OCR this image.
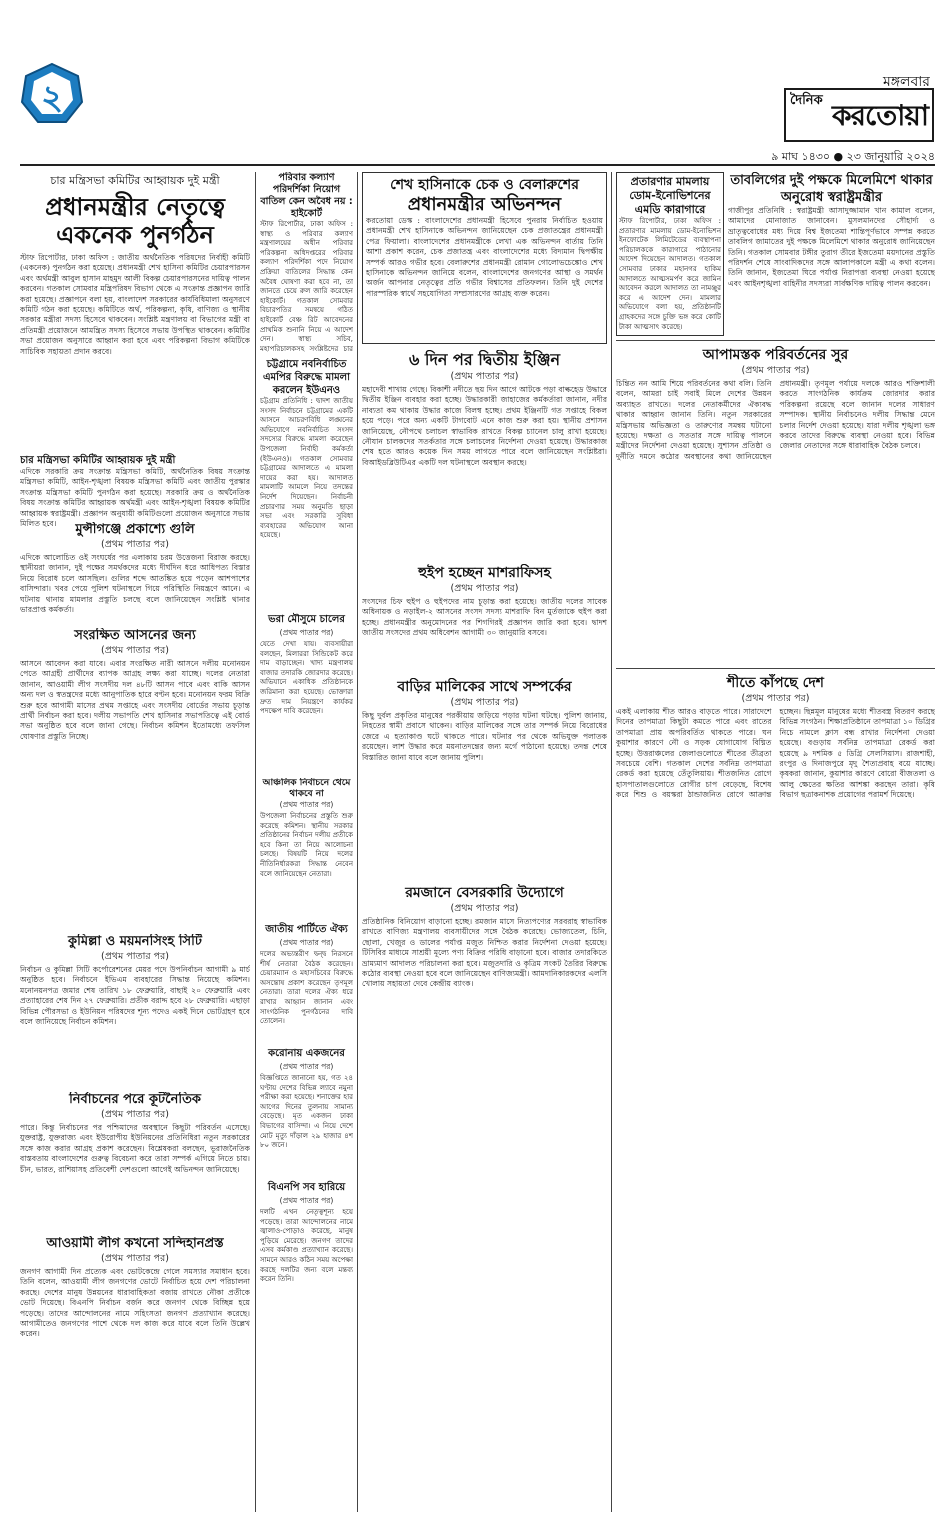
২	মঙ্গলবার
দৈনিক করতোয়া
৯ মাঘ ১৪৩০ ● ২৩ জানুয়ারি ২০২৪
চার মন্ত্রিসভা কমিটির আহ্বায়ক দুই মন্ত্রী
প্রধানমন্ত্রীর নেতৃত্বে
একনেক পুনর্গঠন
স্টাফ রিপোর্টার, ঢাকা অফিস : জাতীয় অর্থনৈতিক পরিষদের নির্বাহী কমিটি (একনেক) পুনর্গঠন করা হয়েছে। প্রধানমন্ত্রী শেখ হাসিনা কমিটির চেয়ারপারসন এবং অর্থমন্ত্রী আবুল হাসান মাহমুদ আলী বিকল্প চেয়ারপারসনের দায়িত্ব পালন করবেন। গতকাল সোমবার মন্ত্রিপরিষদ বিভাগ থেকে এ সংক্রান্ত প্রজ্ঞাপন জারি করা হয়েছে। প্রজ্ঞাপনে বলা হয়, বাংলাদেশ সরকারের কার্যবিধিমালা অনুসরণে কমিটি গঠন করা হয়েছে। কমিটিতে অর্থ, পরিকল্পনা, কৃষি, বাণিজ্য ও স্থানীয় সরকার মন্ত্রীরা সদস্য হিসেবে থাকবেন। সংশ্লিষ্ট মন্ত্রণালয় বা বিভাগের মন্ত্রী বা প্রতিমন্ত্রী প্রয়োজনে আমন্ত্রিত সদস্য হিসেবে সভায় উপস্থিত থাকবেন। কমিটির সভা প্রয়োজন অনুসারে আহ্বান করা হবে এবং পরিকল্পনা বিভাগ কমিটিকে সাচিবিক সহায়তা প্রদান করবে।
চার মন্ত্রিসভা কমিটির আহ্বায়ক দুই মন্ত্রী
এদিকে সরকারি ক্রয় সংক্রান্ত মন্ত্রিসভা কমিটি, অর্থনৈতিক বিষয় সংক্রান্ত মন্ত্রিসভা কমিটি, আইন-শৃঙ্খলা বিষয়ক মন্ত্রিসভা কমিটি এবং জাতীয় পুরস্কার সংক্রান্ত মন্ত্রিসভা কমিটি পুনর্গঠন করা হয়েছে। সরকারি ক্রয় ও অর্থনৈতিক বিষয় সংক্রান্ত কমিটির আহ্বায়ক অর্থমন্ত্রী এবং আইন-শৃঙ্খলা বিষয়ক কমিটির আহ্বায়ক স্বরাষ্ট্রমন্ত্রী। প্রজ্ঞাপন অনুযায়ী কমিটিগুলো প্রয়োজন অনুসারে সভায় মিলিত হবে।	মুন্সীগঞ্জে প্রকাশ্যে গুলি
(প্রথম পাতার পর)
এদিকে আলোচিত ওই সংঘর্ষের পর এলাকায় চরম উত্তেজনা বিরাজ করছে। স্থানীয়রা জানান, দুই পক্ষের সমর্থকদের মধ্যে দীর্ঘদিন ধরে আধিপত্য বিস্তার নিয়ে বিরোধ চলে আসছিল। গুলির শব্দে আতঙ্কিত হয়ে পড়েন আশপাশের বাসিন্দারা। খবর পেয়ে পুলিশ ঘটনাস্থলে গিয়ে পরিস্থিতি নিয়ন্ত্রণে আনে। এ ঘটনায় থানায় মামলার প্রস্তুতি চলছে বলে জানিয়েছেন সংশ্লিষ্ট থানার ভারপ্রাপ্ত কর্মকর্তা।
সংরক্ষিত আসনের জন্য
(প্রথম পাতার পর)
আসনে আবেদন করা যাবে। এবার সংরক্ষিত নারী আসনে দলীয় মনোনয়ন পেতে আগ্রহী প্রার্থীদের ব্যাপক আগ্রহ লক্ষ্য করা যাচ্ছে। দলের নেতারা জানান, আওয়ামী লীগ সংসদীয় দল ৪৮টি আসন পাবে এবং বাকি আসন অন্য দল ও স্বতন্ত্রদের মধ্যে আনুপাতিক হারে বণ্টন হবে। মনোনয়ন ফরম বিক্রি শুরু হবে আগামী মাসের প্রথম সপ্তাহে এবং সংসদীয় বোর্ডের সভায় চূড়ান্ত প্রার্থী নির্বাচন করা হবে। দলীয় সভাপতি শেখ হাসিনার সভাপতিত্বে এই বোর্ড সভা অনুষ্ঠিত হবে বলে জানা গেছে। নির্বাচন কমিশন ইতোমধ্যে তফসিল ঘোষণার প্রস্তুতি নিচ্ছে।
কুমিল্লা ও ময়মনসিংহ সিটি
(প্রথম পাতার পর)
নির্বাচন ও কুমিল্লা সিটি কর্পোরেশনের মেয়র পদে উপনির্বাচন আগামী ৯ মার্চ অনুষ্ঠিত হবে। নির্বাচনে ইভিএম ব্যবহারের সিদ্ধান্ত নিয়েছে কমিশন। মনোনয়নপত্র জমার শেষ তারিখ ১৮ ফেব্রুয়ারি, বাছাই ২০ ফেব্রুয়ারি এবং প্রত্যাহারের শেষ দিন ২৭ ফেব্রুয়ারি। প্রতীক বরাদ্দ হবে ২৮ ফেব্রুয়ারি। এছাড়া বিভিন্ন পৌরসভা ও ইউনিয়ন পরিষদের শূন্য পদেও একই দিনে ভোটগ্রহণ হবে বলে জানিয়েছে নির্বাচন কমিশন।
নির্বাচনের পরে কূটনৈতিক
(প্রথম পাতার পর)
পারে। কিন্তু নির্বাচনের পর পশ্চিমাদের অবস্থানে কিছুটা পরিবর্তন এসেছে। যুক্তরাষ্ট্র, যুক্তরাজ্য এবং ইউরোপীয় ইউনিয়নের প্রতিনিধিরা নতুন সরকারের সঙ্গে কাজ করার আগ্রহ প্রকাশ করেছেন। বিশ্লেষকরা বলছেন, ভূরাজনৈতিক বাস্তবতায় বাংলাদেশের গুরুত্ব বিবেচনা করে তারা সম্পর্ক এগিয়ে নিতে চায়। চীন, ভারত, রাশিয়াসহ প্রতিবেশী দেশগুলো আগেই অভিনন্দন জানিয়েছে।
আওয়ামী লীগ কখনো সন্দিহানপ্রস্ত
(প্রথম পাতার পর)
জনগণ আগামী দিন প্রত্যেক এবং ভোটকেন্দ্রে গেলে সমস্যার সমাধান হবে। তিনি বলেন, আওয়ামী লীগ জনগণের ভোটে নির্বাচিত হয়ে দেশ পরিচালনা করছে। দেশের মানুষ উন্নয়নের ধারাবাহিকতা বজায় রাখতে নৌকা প্রতীকে ভোট দিয়েছে। বিএনপি নির্বাচন বর্জন করে জনগণ থেকে বিচ্ছিন্ন হয়ে পড়েছে। তাদের আন্দোলনের নামে সহিংসতা জনগণ প্রত্যাখ্যান করেছে। আগামীতেও জনগণের পাশে থেকে দল কাজ করে যাবে বলে তিনি উল্লেখ করেন।
পরিবার কল্যাণ পরিদর্শিকা নিয়োগ বাতিল কেন অবৈধ নয় : হাইকোর্ট
স্টাফ রিপোর্টার, ঢাকা অফিস : স্বাস্থ্য ও পরিবার কল্যাণ মন্ত্রণালয়ের অধীন পরিবার পরিকল্পনা অধিদপ্তরের পরিবার কল্যাণ পরিদর্শিকা পদে নিয়োগ প্রক্রিয়া বাতিলের সিদ্ধান্ত কেন অবৈধ ঘোষণা করা হবে না, তা জানতে চেয়ে রুল জারি করেছেন হাইকোর্ট। গতকাল সোমবার বিচারপতির সমন্বয়ে গঠিত হাইকোর্ট বেঞ্চ রিট আবেদনের প্রাথমিক শুনানি নিয়ে এ আদেশ দেন। স্বাস্থ্য সচিব, মহাপরিচালকসহ সংশ্লিষ্টদের চার
চট্টগ্রামে নবনির্বাচিত এমপির বিরুদ্ধে মামলা করলেন ইউএনও
চট্টগ্রাম প্রতিনিধি : দ্বাদশ জাতীয় সংসদ নির্বাচনে চট্টগ্রামের একটি আসনে আচরণবিধি লঙ্ঘনের অভিযোগে নবনির্বাচিত সংসদ সদস্যের বিরুদ্ধে মামলা করেছেন উপজেলা নির্বাহী কর্মকর্তা (ইউএনও)। গতকাল সোমবার চট্টগ্রামের আদালতে এ মামলা দায়ের করা হয়। আদালত মামলাটি আমলে নিয়ে তদন্তের নির্দেশ দিয়েছেন। নির্বাচনী প্রচারণার সময় অনুমতি ছাড়া সভা এবং সরকারি সুবিধা ব্যবহারের অভিযোগ আনা হয়েছে।
ভরা মৌসুমে চালের
(প্রথম পাতার পর)
যেতে দেখা যায়। ব্যবসায়ীরা বলছেন, মিলাররা সিন্ডিকেট করে দাম বাড়াচ্ছেন। খাদ্য মন্ত্রণালয় বাজার তদারকি জোরদার করেছে। অভিযানে একাধিক প্রতিষ্ঠানকে জরিমানা করা হয়েছে। ভোক্তারা দ্রুত দাম নিয়ন্ত্রণে কার্যকর পদক্ষেপ দাবি করেছেন।
আঞ্চলিক নির্বাচনে থেমে থাকবে না
(প্রথম পাতার পর)
উপজেলা নির্বাচনের প্রস্তুতি শুরু করেছে কমিশন। স্থানীয় সরকার প্রতিষ্ঠানের নির্বাচন দলীয় প্রতীকে হবে কিনা তা নিয়ে আলোচনা চলছে। বিষয়টি নিয়ে দলের নীতিনির্ধারকরা সিদ্ধান্ত নেবেন বলে জানিয়েছেন নেতারা।
জাতীয় পার্টিতে ঐক্য
(প্রথম পাতার পর)
দলের অভ্যন্তরীণ দ্বন্দ্ব নিরসনে শীর্ষ নেতারা বৈঠক করেছেন। চেয়ারম্যান ও মহাসচিবের বিরুদ্ধে অসন্তোষ প্রকাশ করেছেন তৃণমূল নেতারা। তারা দলের ঐক্য ধরে রাখার আহ্বান জানান এবং সাংগঠনিক পুনর্গঠনের দাবি তোলেন।
করোনায় একজনের
(প্রথম পাতার পর)
বিজ্ঞপ্তিতে জানানো হয়, গত ২৪ ঘণ্টায় দেশের বিভিন্ন ল্যাবে নমুনা পরীক্ষা করা হয়েছে। শনাক্তের হার আগের দিনের তুলনায় সামান্য বেড়েছে। মৃত একজন ঢাকা বিভাগের বাসিন্দা। এ নিয়ে দেশে মোট মৃত্যু দাঁড়াল ২৯ হাজার ৪শ ৮০ জনে।
বিএনপি সব হারিয়ে
(প্রথম পাতার পর)
দলটি এখন নেতৃত্বশূন্য হয়ে পড়েছে। তারা আন্দোলনের নামে জ্বালাও-পোড়াও করেছে, মানুষ পুড়িয়ে মেরেছে। জনগণ তাদের এসব কর্মকাণ্ড প্রত্যাখ্যান করেছে। সামনে আরও কঠিন সময় অপেক্ষা করছে দলটির জন্য বলে মন্তব্য করেন তিনি।
শেখ হাসিনাকে চেক ও বেলারুশের
প্রধানমন্ত্রীর অভিনন্দন
করতোয়া ডেস্ক : বাংলাদেশের প্রধানমন্ত্রী হিসেবে পুনরায় নির্বাচিত হওয়ায় প্রধানমন্ত্রী শেখ হাসিনাকে অভিনন্দন জানিয়েছেন চেক প্রজাতন্ত্রের প্রধানমন্ত্রী পেত্র ফিয়ালা। বাংলাদেশের প্রধানমন্ত্রীকে লেখা এক অভিনন্দন বার্তায় তিনি আশা প্রকাশ করেন, চেক প্রজাতন্ত্র এবং বাংলাদেশের মধ্যে বিদ্যমান দ্বিপক্ষীয় সম্পর্ক আরও গভীর হবে। বেলারুশের প্রধানমন্ত্রী রোমান গোলোভচেঙ্কোও শেখ হাসিনাকে অভিনন্দন জানিয়ে বলেন, বাংলাদেশের জনগণের আস্থা ও সমর্থন অর্জন আপনার নেতৃত্বের প্রতি গভীর বিশ্বাসের প্রতিফলন। তিনি দুই দেশের পারস্পরিক স্বার্থে সহযোগিতা সম্প্রসারণের আগ্রহ ব্যক্ত করেন।
৬ দিন পর দ্বিতীয় ইঞ্জিন
(প্রথম পাতার পর)
মহাদেবী শাখায় গেছে। বিকাশী নদীতে ছয় দিন আগে আটকে পড়া বাল্কহেড উদ্ধারে দ্বিতীয় ইঞ্জিন ব্যবহার করা হচ্ছে। উদ্ধারকারী জাহাজের কর্মকর্তারা জানান, নদীর নাব্যতা কম থাকায় উদ্ধার কাজে বিলম্ব হচ্ছে। প্রথম ইঞ্জিনটি গত সপ্তাহে বিকল হয়ে পড়ে। পরে অন্য একটি টাগবোট এনে কাজ শুরু করা হয়। স্থানীয় প্রশাসন জানিয়েছে, নৌপথে চলাচল স্বাভাবিক রাখতে বিকল্প চ্যানেল চালু রাখা হয়েছে। নৌযান চালকদের সতর্কতার সঙ্গে চলাচলের নির্দেশনা দেওয়া হয়েছে। উদ্ধারকাজ শেষ হতে আরও কয়েক দিন সময় লাগতে পারে বলে জানিয়েছেন সংশ্লিষ্টরা। বিআইডব্লিউটিএর একটি দল ঘটনাস্থলে অবস্থান করছে।
হুইপ হচ্ছেন মাশরাফিসহ
(প্রথম পাতার পর)
সংসদের চিফ হুইপ ও হুইপদের নাম চূড়ান্ত করা হয়েছে। জাতীয় দলের সাবেক অধিনায়ক ও নড়াইল-২ আসনের সংসদ সদস্য মাশরাফি বিন মুর্তজাকে হুইপ করা হচ্ছে। প্রধানমন্ত্রীর অনুমোদনের পর শিগগিরই প্রজ্ঞাপন জারি করা হবে। দ্বাদশ জাতীয় সংসদের প্রথম অধিবেশন আগামী ৩০ জানুয়ারি বসবে।
বাড়ির মালিকের সাথে সম্পর্কের
(প্রথম পাতার পর)
কিছু দুর্বল প্রকৃতির মানুষের পরকীয়ায় জড়িয়ে পড়ার ঘটনা ঘটছে। পুলিশ জানায়, নিহতের স্বামী প্রবাসে থাকেন। বাড়ির মালিকের সঙ্গে তার সম্পর্ক নিয়ে বিরোধের জেরে এ হত্যাকাণ্ড ঘটে থাকতে পারে। ঘটনার পর থেকে অভিযুক্ত পলাতক রয়েছেন। লাশ উদ্ধার করে ময়নাতদন্তের জন্য মর্গে পাঠানো হয়েছে। তদন্ত শেষে বিস্তারিত জানা যাবে বলে জানায় পুলিশ।
রমজানে বেসরকারি উদ্যোগে
(প্রথম পাতার পর)
প্রতিষ্ঠানিক বিনিয়োগ বাড়ানো হচ্ছে। রমজান মাসে নিত্যপণ্যের সরবরাহ স্বাভাবিক রাখতে বাণিজ্য মন্ত্রণালয় ব্যবসায়ীদের সঙ্গে বৈঠক করেছে। ভোজ্যতেল, চিনি, ছোলা, খেজুর ও ডালের পর্যাপ্ত মজুত নিশ্চিত করার নির্দেশনা দেওয়া হয়েছে। টিসিবির মাধ্যমে সাশ্রয়ী মূল্যে পণ্য বিক্রির পরিধি বাড়ানো হবে। বাজার তদারকিতে ভ্রাম্যমাণ আদালত পরিচালনা করা হবে। মজুতদারি ও কৃত্রিম সংকট তৈরির বিরুদ্ধে কঠোর ব্যবস্থা নেওয়া হবে বলে জানিয়েছেন বাণিজ্যমন্ত্রী। আমদানিকারকদের এলসি খোলায় সহায়তা দেবে কেন্দ্রীয় ব্যাংক।
প্রতারণার মামলায় ডোম-ইনোভিশনের এমডি কারাগারে
স্টাফ রিপোর্টার, ঢাকা অফিস : প্রতারণার মামলায় ডোম-ইনোভিশন ইনফোটেক লিমিটেডের ব্যবস্থাপনা পরিচালককে কারাগারে পাঠানোর আদেশ দিয়েছেন আদালত। গতকাল সোমবার ঢাকার মহানগর হাকিম আদালতে আত্মসমর্পণ করে জামিন আবেদন করলে আদালত তা নামঞ্জুর করে এ আদেশ দেন। মামলার অভিযোগে বলা হয়, প্রতিষ্ঠানটি গ্রাহকদের সঙ্গে চুক্তি ভঙ্গ করে কোটি টাকা আত্মসাৎ করেছে।
তাবলিগের দুই পক্ষকে মিলেমিশে থাকার অনুরোধ স্বরাষ্ট্রমন্ত্রীর
গাজীপুর প্রতিনিধি : স্বরাষ্ট্রমন্ত্রী আসাদুজ্জামান খান কামাল বলেন, আমাদের মোনাজাত জানাবেন। মুসলমানদের সৌহার্দ্য ও ভ্রাতৃত্ববোধের মধ্য দিয়ে বিশ্ব ইজতেমা শান্তিপূর্ণভাবে সম্পন্ন করতে তাবলিগ জামাতের দুই পক্ষকে মিলেমিশে থাকার অনুরোধ জানিয়েছেন তিনি। গতকাল সোমবার টঙ্গীর তুরাগ তীরে ইজতেমা ময়দানের প্রস্তুতি পরিদর্শন শেষে সাংবাদিকদের সঙ্গে আলাপকালে মন্ত্রী এ কথা বলেন। তিনি জানান, ইজতেমা ঘিরে পর্যাপ্ত নিরাপত্তা ব্যবস্থা নেওয়া হয়েছে এবং আইনশৃঙ্খলা বাহিনীর সদস্যরা সার্বক্ষণিক দায়িত্ব পালন করবেন।
আপামস্তক পরিবর্তনের সুর
(প্রথম পাতার পর)
চিন্তিত নন আমি শিয়ে পরিবর্তনের কথা বলি। তিনি বলেন, আমরা চাই সবাই মিলে দেশের উন্নয়ন অব্যাহত রাখতে। দলের নেতাকর্মীদের ঐক্যবদ্ধ থাকার আহ্বান জানান তিনি। নতুন সরকারের মন্ত্রিসভায় অভিজ্ঞতা ও তারুণ্যের সমন্বয় ঘটানো হয়েছে। দক্ষতা ও সততার সঙ্গে দায়িত্ব পালনে মন্ত্রীদের নির্দেশনা দেওয়া হয়েছে। সুশাসন প্রতিষ্ঠা ও দুর্নীতি দমনে কঠোর অবস্থানের কথা জানিয়েছেন প্রধানমন্ত্রী। তৃণমূল পর্যায়ে দলকে আরও শক্তিশালী করতে সাংগঠনিক কার্যক্রম জোরদার করার পরিকল্পনা রয়েছে বলে জানান দলের সাধারণ সম্পাদক। স্থানীয় নির্বাচনেও দলীয় সিদ্ধান্ত মেনে চলার নির্দেশ দেওয়া হয়েছে। যারা দলীয় শৃঙ্খলা ভঙ্গ করবে তাদের বিরুদ্ধে ব্যবস্থা নেওয়া হবে। বিভিন্ন জেলার নেতাদের সঙ্গে ধারাবাহিক বৈঠক চলবে।
শীতে কাঁপছে দেশ
(প্রথম পাতার পর)
একই এলাকায় শীত আরও বাড়তে পারে। সারাদেশে দিনের তাপমাত্রা কিছুটা কমতে পারে এবং রাতের তাপমাত্রা প্রায় অপরিবর্তিত থাকতে পারে। ঘন কুয়াশার কারণে নৌ ও সড়ক যোগাযোগ বিঘ্নিত হচ্ছে। উত্তরাঞ্চলের জেলাগুলোতে শীতের তীব্রতা সবচেয়ে বেশি। গতকাল দেশের সর্বনিম্ন তাপমাত্রা রেকর্ড করা হয়েছে তেঁতুলিয়ায়। শীতজনিত রোগে হাসপাতালগুলোতে রোগীর চাপ বেড়েছে, বিশেষ করে শিশু ও বয়স্করা ঠান্ডাজনিত রোগে আক্রান্ত হচ্ছেন। ছিন্নমূল মানুষের মধ্যে শীতবস্ত্র বিতরণ করছে বিভিন্ন সংগঠন। শিক্ষাপ্রতিষ্ঠানে তাপমাত্রা ১০ ডিগ্রির নিচে নামলে ক্লাস বন্ধ রাখার নির্দেশনা দেওয়া হয়েছে। বগুড়ায় সর্বনিম্ন তাপমাত্রা রেকর্ড করা হয়েছে ৯ দশমিক ৫ ডিগ্রি সেলসিয়াস। রাজশাহী, রংপুর ও দিনাজপুরে মৃদু শৈত্যপ্রবাহ বয়ে যাচ্ছে। কৃষকরা জানান, কুয়াশার কারণে বোরো বীজতলা ও আলু ক্ষেতের ক্ষতির আশঙ্কা করছেন তারা। কৃষি বিভাগ ছত্রাকনাশক প্রয়োগের পরামর্শ দিয়েছে।
